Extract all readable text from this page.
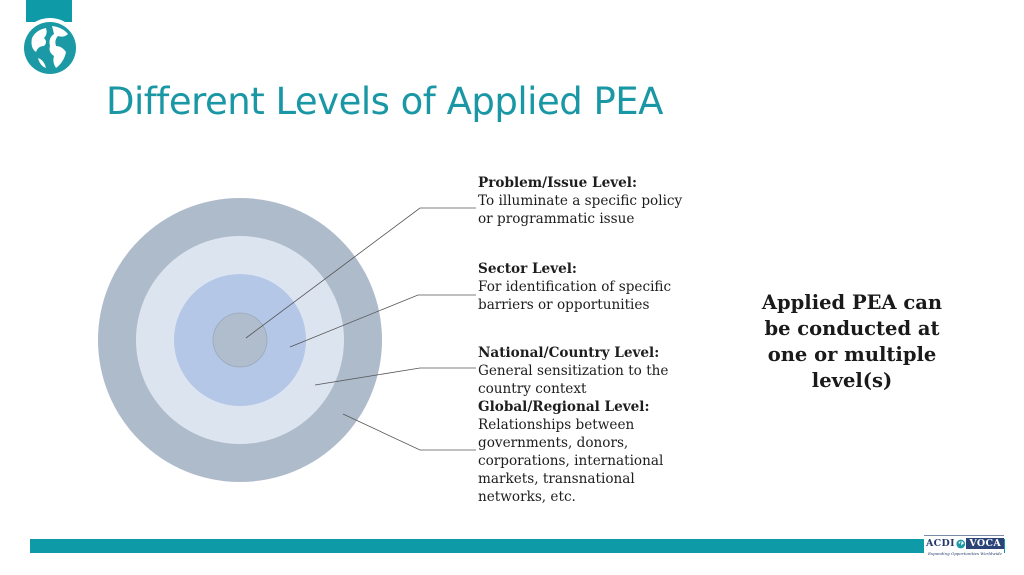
Different Levels of Applied PEA
Problem/Issue Level:
To illuminate a specific policy or programmatic issue
Sector Level:
For identification of specific barriers or opportunities
National/Country Level:
General sensitization to the country context
Global/Regional Level:
Relationships between governments, donors, corporations, international markets, transnational networks, etc.
Applied PEA can be conducted at one or multiple level(s)
ACDI	VOCA
Expanding Opportunities Worldwide
